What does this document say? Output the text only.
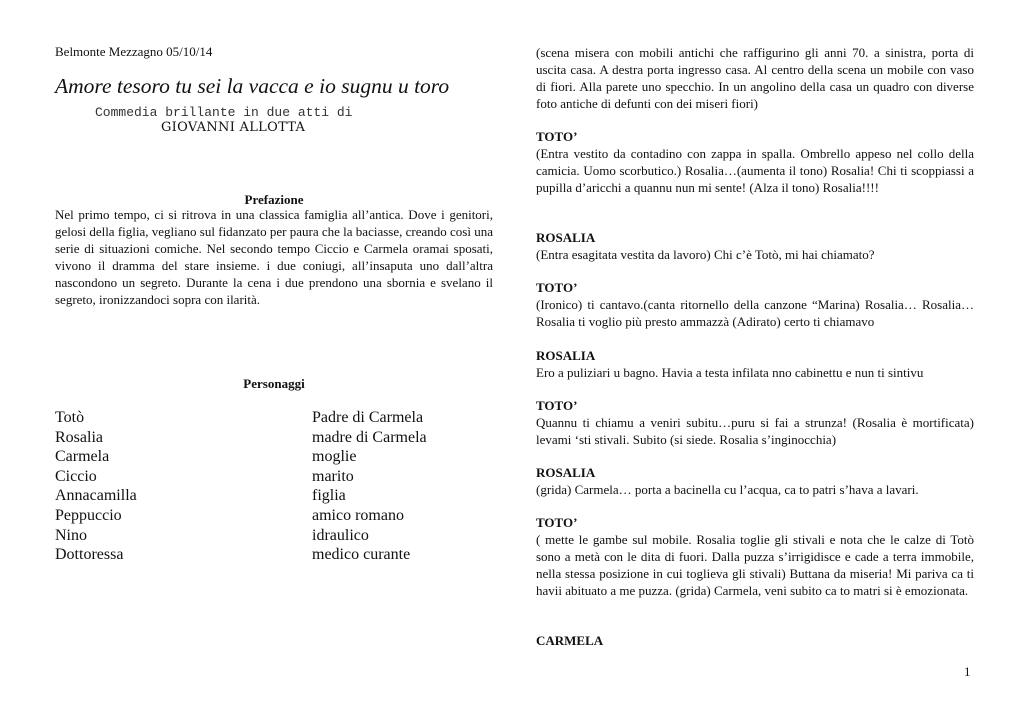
Belmonte Mezzagno 05/10/14
Amore tesoro tu sei la vacca e io sugnu u toro
Commedia brillante in due atti di
GIOVANNI ALLOTTA
Prefazione

Nel primo tempo, ci si ritrova in una classica famiglia all’antica. Dove i genitori, gelosi della figlia, vegliano sul fidanzato per paura che la baciasse, creando così una serie di situazioni comiche. Nel secondo tempo Ciccio e Carmela oramai sposati, vivono il dramma del stare insieme. i due coniugi, all’insaputa uno dall’altra nascondono un segreto. Durante la cena i due prendono una sbornia e svelano il segreto, ironizzandoci sopra con ilarità.

Personaggi
Totò	Padre di Carmela
Rosalia	madre di Carmela
Carmela	moglie
Ciccio	marito
Annacamilla	figlia
Peppuccio	amico romano
Nino	idraulico
Dottoressa	medico curante

(scena misera con mobili antichi che raffigurino gli anni 70. a sinistra, porta di uscita casa. A destra porta ingresso casa. Al centro della scena un mobile con vaso di fiori. Alla parete uno specchio. In un angolino della casa un quadro con diverse foto antiche di defunti con dei miseri fiori)

TOTO’

(Entra vestito da contadino con zappa in spalla. Ombrello appeso nel collo della camicia. Uomo scorbutico.) Rosalia…(aumenta il tono) Rosalia! Chi ti scoppiassi a pupilla d’aricchi a quannu nun mi sente! (Alza il tono) Rosalia!!!!

ROSALIA

(Entra esagitata vestita da lavoro) Chi c’è Totò, mi hai chiamato?

TOTO’

(Ironico) ti cantavo.(canta ritornello della canzone “Marina) Rosalia… Rosalia…Rosalia ti voglio più presto ammazzà (Adirato) certo ti chiamavo

ROSALIA

Ero a puliziari u bagno. Havia a testa infilata nno cabinettu e nun ti sintivu

TOTO’

Quannu ti chiamu a veniri subitu…puru si fai a strunza! (Rosalia è mortificata) levami ‘sti stivali. Subito (si siede. Rosalia s’inginocchia)

ROSALIA

(grida) Carmela… porta a bacinella cu l’acqua, ca to patri s’hava a lavari.

TOTO’

( mette le gambe sul mobile. Rosalia toglie gli stivali e nota che le calze di Totò sono a metà con le dita di fuori. Dalla puzza s’irrigidisce e cade a terra immobile, nella stessa posizione in cui toglieva gli stivali) Buttana da miseria! Mi pariva ca ti havii abituato a me puzza. (grida) Carmela, veni subito ca to matri si è emozionata.

CARMELA

1
